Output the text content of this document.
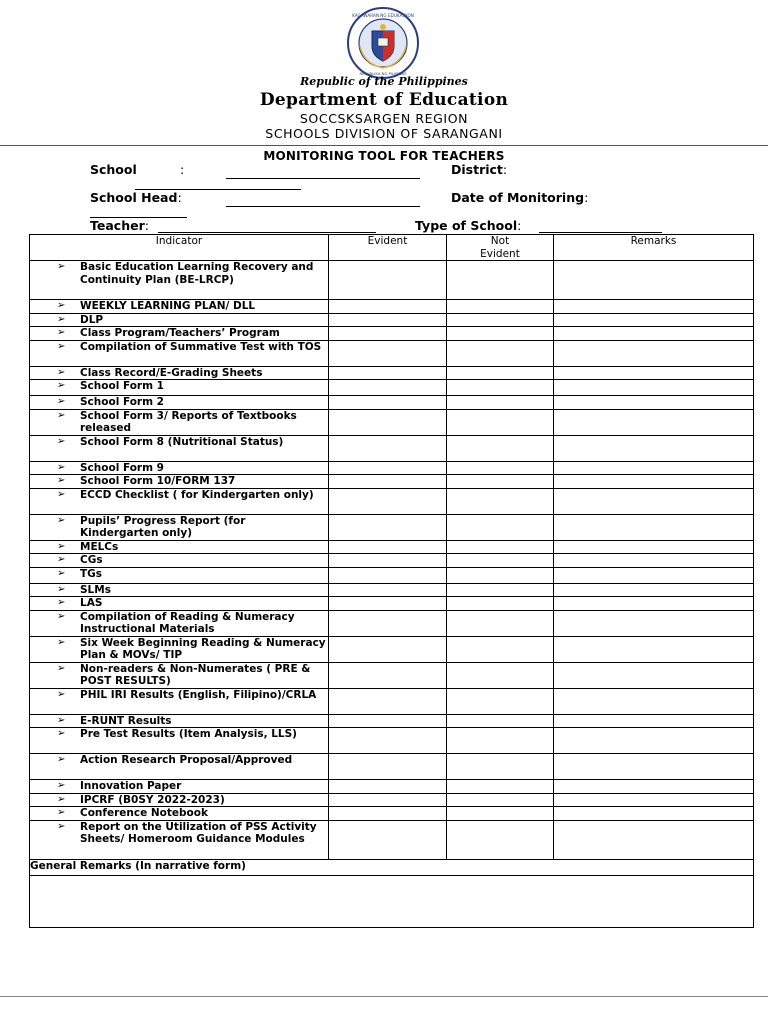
KAGAWARAN NG EDUKASYON
REPUBLIKA NG PILIPINAS
Republic of the Philippines
Department of Education
SOCCSKSARGEN REGION
SCHOOLS DIVISION OF SARANGANI
MONITORING TOOL FOR TEACHERS
School	:	District:
School Head:	Date of Monitoring:
Teacher:	Type of School:
Indicator	Evident	Not Evident	Remarks

➢ Basic Education Learning Recovery and Continuity Plan (BE-LRCP)			

➢ WEEKLY LEARNING PLAN/ DLL			

➢ DLP			

➢ Class Program/Teachers’ Program			

➢ Compilation of Summative Test with TOS			

➢ Class Record/E-Grading Sheets			

➢ School Form 1			

➢ School Form 2			

➢ School Form 3/ Reports of Textbooks released			

➢ School Form 8 (Nutritional Status)			

➢ School Form 9			

➢ School Form 10/FORM 137			

➢ ECCD Checklist ( for Kindergarten only)			

➢ Pupils’ Progress Report (for Kindergarten only)			

➢ MELCs			

➢ CGs			

➢ TGs			

➢ SLMs			

➢ LAS			

➢ Compilation of Reading & Numeracy Instructional Materials			

➢ Six Week Beginning Reading & Numeracy Plan & MOVs/ TIP			

➢ Non-readers & Non-Numerates ( PRE & POST RESULTS)			

➢ PHIL IRI Results (English, Filipino)/CRLA			

➢ E-RUNT Results			

➢ Pre Test Results (Item Analysis, LLS)			

➢ Action Research Proposal/Approved			

➢ Innovation Paper			

➢ IPCRF (B0SY 2022-2023)			

➢ Conference Notebook			

➢ Report on the Utilization of PSS Activity Sheets/ Homeroom Guidance Modules			

General Remarks (In narrative form)			
